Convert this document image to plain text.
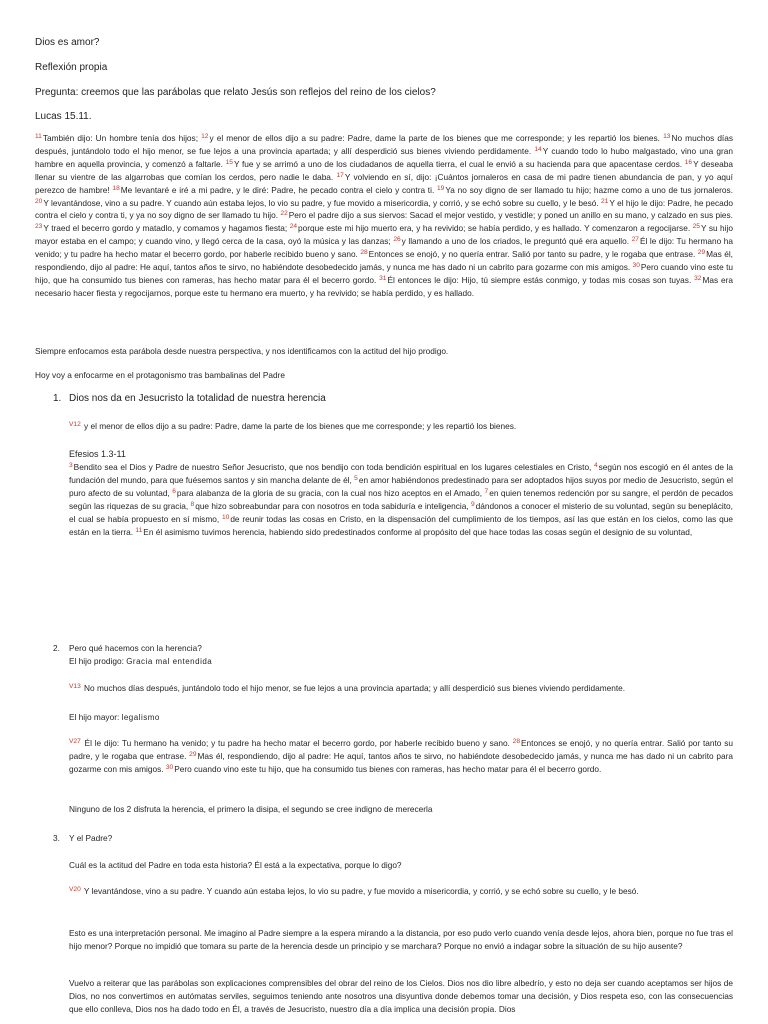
Dios es amor?

Reflexión propia

Pregunta: creemos que las parábolas que relato Jesús son reflejos del reino de los cielos?

Lucas 15.11.

$^{11}$También dijo: Un hombre tenía dos hijos; $^{12}$y el menor de ellos dijo a su padre: Padre, dame la parte de los bienes que me corresponde; y les repartió los bienes. $^{13}$No muchos días después, juntándolo todo el hijo menor, se fue lejos a una provincia apartada; y allí desperdició sus bienes viviendo perdidamente. $^{14}$Y cuando todo lo hubo malgastado, vino una gran hambre en aquella provincia, y comenzó a faltarle. $^{15}$Y fue y se arrimó a uno de los ciudadanos de aquella tierra, el cual le envió a su hacienda para que apacentase cerdos. $^{16}$Y deseaba llenar su vientre de las algarrobas que comían los cerdos, pero nadie le daba. $^{17}$Y volviendo en sí, dijo: ¡Cuántos jornaleros en casa de mi padre tienen abundancia de pan, y yo aquí perezco de hambre! $^{18}$Me levantaré e iré a mi padre, y le diré: Padre, he pecado contra el cielo y contra ti. $^{19}$Ya no soy digno de ser llamado tu hijo; hazme como a uno de tus jornaleros. $^{20}$Y levantándose, vino a su padre. Y cuando aún estaba lejos, lo vio su padre, y fue movido a misericordia, y corrió, y se echó sobre su cuello, y le besó. $^{21}$Y el hijo le dijo: Padre, he pecado contra el cielo y contra ti, y ya no soy digno de ser llamado tu hijo. $^{22}$Pero el padre dijo a sus siervos: Sacad el mejor vestido, y vestidle; y poned un anillo en su mano, y calzado en sus pies. $^{23}$Y traed el becerro gordo y matadlo, y comamos y hagamos fiesta; $^{24}$porque este mi hijo muerto era, y ha revivido; se había perdido, y es hallado. Y comenzaron a regocijarse. $^{25}$Y su hijo mayor estaba en el campo; y cuando vino, y llegó cerca de la casa, oyó la música y las danzas; $^{26}$y llamando a uno de los criados, le preguntó qué era aquello. $^{27}$Él le dijo: Tu hermano ha venido; y tu padre ha hecho matar el becerro gordo, por haberle recibido bueno y sano. $^{28}$Entonces se enojó, y no quería entrar. Salió por tanto su padre, y le rogaba que entrase. $^{29}$Mas él, respondiendo, dijo al padre: He aquí, tantos años te sirvo, no habiéndote desobedecido jamás, y nunca me has dado ni un cabrito para gozarme con mis amigos. $^{30}$Pero cuando vino este tu hijo, que ha consumido tus bienes con rameras, has hecho matar para él el becerro gordo. $^{31}$Él entonces le dijo: Hijo, tú siempre estás conmigo, y todas mis cosas son tuyas. $^{32}$Mas era necesario hacer fiesta y regocijarnos, porque este tu hermano era muerto, y ha revivido; se había perdido, y es hallado.

Siempre enfocamos esta parábola desde nuestra perspectiva, y nos identificamos con la actitud del hijo prodigo.

Hoy voy a enfocarme en el protagonismo tras bambalinas del Padre

1. Dios nos da en Jesucristo la totalidad de nuestra herencia

$^{V12}$ y el menor de ellos dijo a su padre: Padre, dame la parte de los bienes que me corresponde; y les repartió los bienes.

Efesios 1.3-11

$^3$Bendito sea el Dios y Padre de nuestro Señor Jesucristo, que nos bendijo con toda bendición espiritual en los lugares celestiales en Cristo, $^4$según nos escogió en él antes de la fundación del mundo, para que fuésemos santos y sin mancha delante de él, $^5$en amor habiéndonos predestinado para ser adoptados hijos suyos por medio de Jesucristo, según el puro afecto de su voluntad, $^6$para alabanza de la gloria de su gracia, con la cual nos hizo aceptos en el Amado, $^7$en quien tenemos redención por su sangre, el perdón de pecados según las riquezas de su gracia, $^8$que hizo sobreabundar para con nosotros en toda sabiduría e inteligencia, $^9$dándonos a conocer el misterio de su voluntad, según su beneplácito, el cual se había propuesto en sí mismo, $^{10}$de reunir todas las cosas en Cristo, en la dispensación del cumplimiento de los tiempos, así las que están en los cielos, como las que están en la tierra. $^{11}$En él asimismo tuvimos herencia, habiendo sido predestinados conforme al propósito del que hace todas las cosas según el designio de su voluntad,
2. Pero qué hacemos con la herencia?

El hijo prodigo: Gracia mal entendida

$^{V13}$ No muchos días después, juntándolo todo el hijo menor, se fue lejos a una provincia apartada; y allí desperdició sus bienes viviendo perdidamente.

El hijo mayor: legalismo

$^{V27}$ Él le dijo: Tu hermano ha venido; y tu padre ha hecho matar el becerro gordo, por haberle recibido bueno y sano. $^{28}$Entonces se enojó, y no quería entrar. Salió por tanto su padre, y le rogaba que entrase. $^{29}$Mas él, respondiendo, dijo al padre: He aquí, tantos años te sirvo, no habiéndote desobedecido jamás, y nunca me has dado ni un cabrito para gozarme con mis amigos. $^{30}$Pero cuando vino este tu hijo, que ha consumido tus bienes con rameras, has hecho matar para él el becerro gordo.

Ninguno de los 2 disfruta la herencia, el primero la disipa, el segundo se cree indigno de merecerla

3. Y el Padre?

Cuál es la actitud del Padre en toda esta historia? Él está a la expectativa, porque lo digo?

$^{V20}$ Y levantándose, vino a su padre. Y cuando aún estaba lejos, lo vio su padre, y fue movido a misericordia, y corrió, y se echó sobre su cuello, y le besó.

Esto es una interpretación personal. Me imagino al Padre siempre a la espera mirando a la distancia, por eso pudo verlo cuando venía desde lejos, ahora bien, porque no fue tras el hijo menor? Porque no impidió que tomara su parte de la herencia desde un principio y se marchara? Porque no envió a indagar sobre la situación de su hijo ausente?

Vuelvo a reiterar que las parábolas son explicaciones comprensibles del obrar del reino de los Cielos. Dios nos dio libre albedrío, y esto no deja ser cuando aceptamos ser hijos de Dios, no nos convertimos en autómatas serviles, seguimos teniendo ante nosotros una disyuntiva donde debemos tomar una decisión, y Dios respeta eso, con las consecuencias que ello conlleva, Dios nos ha dado todo en Él, a través de Jesucristo, nuestro día a día implica una decisión propia. Dios
